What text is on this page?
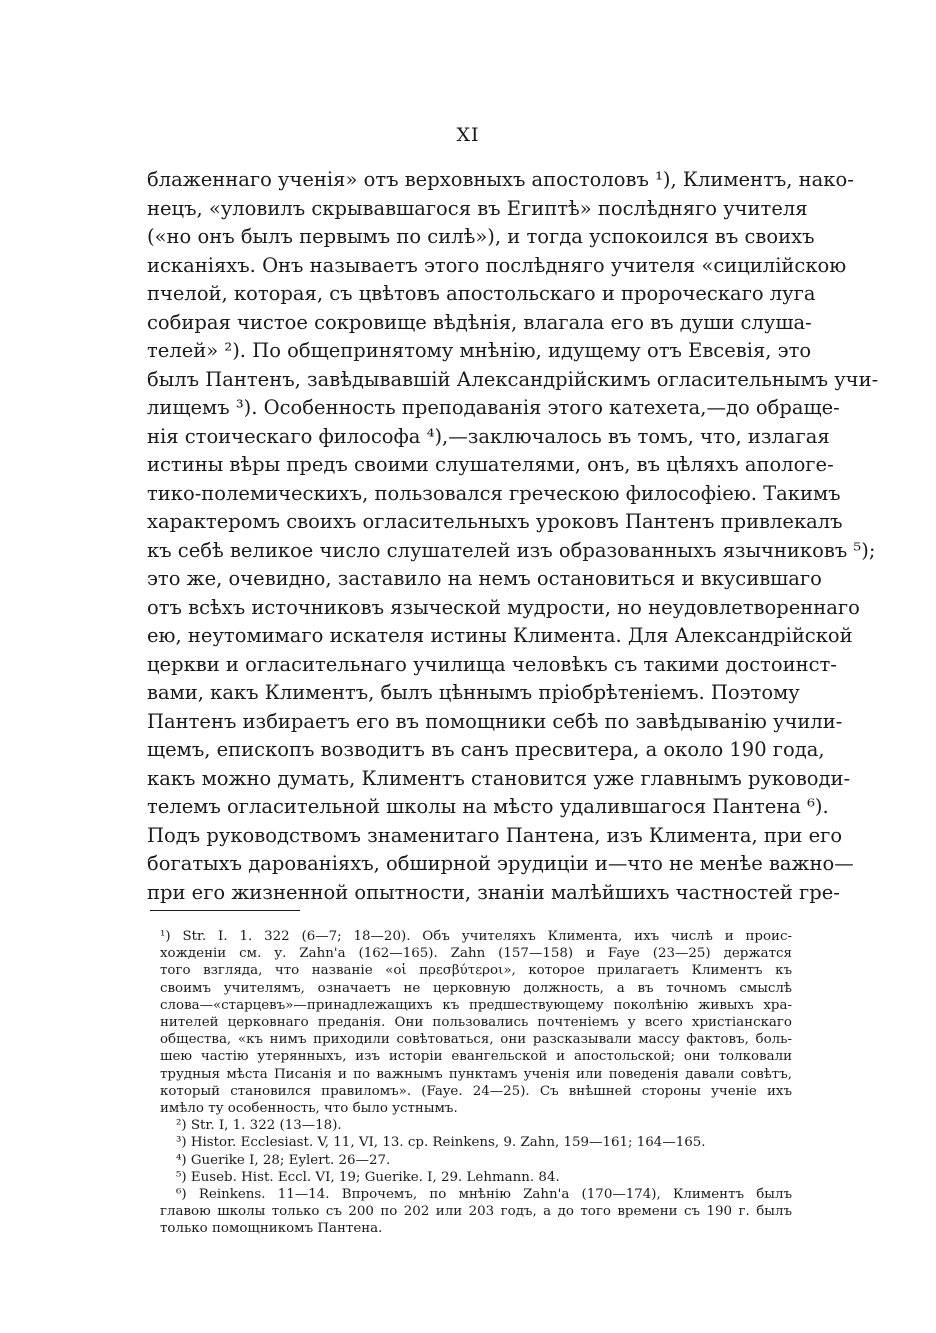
XI
блаженнаго ученія» отъ верховныхъ апостоловъ ¹), Климентъ, нако-
нецъ, «уловилъ скрывавшагося въ Египтѣ» послѣдняго учителя
(«но онъ былъ первымъ по силѣ»), и тогда успокоился въ своихъ
исканіяхъ. Онъ называетъ этого послѣдняго учителя «сицилійскою
пчелой, которая, съ цвѣтовъ апостольскаго и пророческаго луга
собирая чистое сокровище вѣдѣнія, влагала его въ души слуша-
телей» ²). По общепринятому мнѣнію, идущему отъ Евсевія, это
былъ Пантенъ, завѣдывавшій Александрійскимъ огласительнымъ учи-
лищемъ ³). Особенность преподаванія этого катехета,—до обраще-
нія стоическаго философа ⁴),—заключалось въ томъ, что, излагая
истины вѣры предъ своими слушателями, онъ, въ цѣляхъ апологе-
тико-полемическихъ, пользовался греческою философіею. Такимъ
характеромъ своихъ огласительныхъ уроковъ Пантенъ привлекалъ
къ себѣ великое число слушателей изъ образованныхъ язычниковъ ⁵);
это же, очевидно, заставило на немъ остановиться и вкусившаго
отъ всѣхъ источниковъ языческой мудрости, но неудовлетвореннаго
ею, неутомимаго искателя истины Климента. Для Александрійской
церкви и огласительнаго училища человѣкъ съ такими достоинст-
вами, какъ Климентъ, былъ цѣннымъ пріобрѣтеніемъ. Поэтому
Пантенъ избираетъ его въ помощники себѣ по завѣдыванію учили-
щемъ, епископъ возводитъ въ санъ пресвитера, а около 190 года,
какъ можно думать, Климентъ становится уже главнымъ руководи-
телемъ огласительной школы на мѣсто удалившагося Пантена ⁶).
Подъ руководствомъ знаменитаго Пантена, изъ Климента, при его
богатыхъ дарованіяхъ, обширной эрудиціи и—что не менѣе важно—
при его жизненной опытности, знаніи малѣйшихъ частностей гре-
¹) Str. I. 1. 322 (6—7; 18—20). Объ учителяхъ Климента, ихъ числѣ и проис-
хожденіи см. у. Zahn'a (162—165). Zahn (157—158) и Faye (23—25) держатся
того взгляда, что названіе «οἱ πρεσβύτεροι», которое прилагаетъ Климентъ къ
своимъ учителямъ, означаетъ не церковную должность, а въ точномъ смыслѣ
слова—«старцевъ»—принадлежащихъ къ предшествующему поколѣнію живыхъ хра-
нителей церковнаго преданія. Они пользовались почтеніемъ у всего христіанскаго
общества, «къ нимъ приходили совѣтоваться, они разсказывали массу фактовъ, боль-
шею частію утерянныхъ, изъ исторіи евангельской и апостольской; они толковали
трудныя мѣста Писанія и по важнымъ пунктамъ ученія или поведенія давали совѣтъ,
который становился правиломъ». (Fayе. 24—25). Съ внѣшней стороны ученіе ихъ
имѣло ту особенность, что было устнымъ.
²) Str. I, 1. 322 (13—18).
³) Histor. Ecclesiast. V, 11, VI, 13. ср. Reinkens, 9. Zahn, 159—161; 164—165.
⁴) Guerike I, 28; Eylert. 26—27.
⁵) Euseb. Hist. Eccl. VI, 19; Guerike. I, 29. Lehmann. 84.
⁶) Reinkens. 11—14. Впрочемъ, по мнѣнію Zahn'a (170—174), Климентъ былъ
главою школы только съ 200 по 202 или 203 годъ, а до того времени съ 190 г. былъ
только помощникомъ Пантена.
